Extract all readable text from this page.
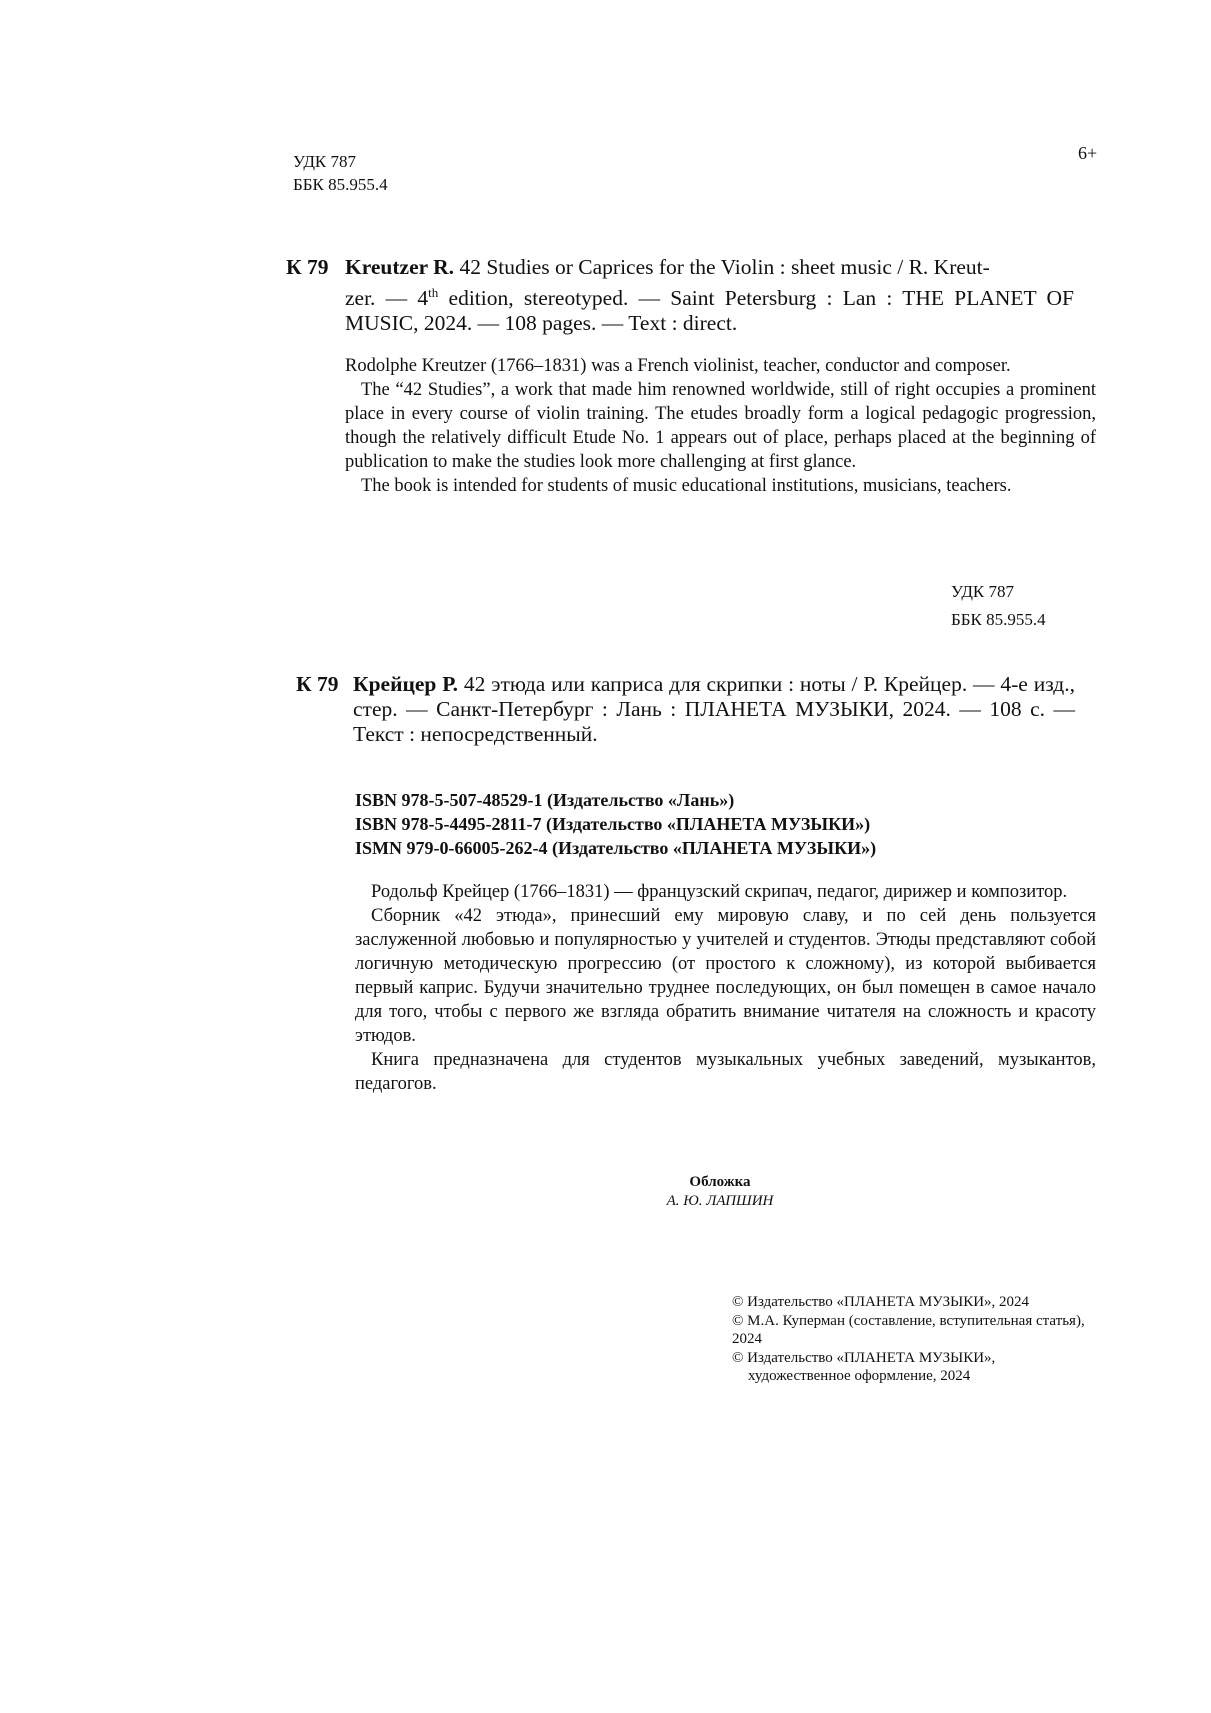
УДК 787
ББК 85.955.4
6+
К 79 Kreutzer R. 42 Studies or Caprices for the Violin : sheet music / R. Kreut-
zer. — 4th edition, stereotyped. — Saint Petersburg : Lan : THE PLANET OF MUSIC, 2024. — 108 pages. — Text : direct.

Rodolphe Kreutzer (1766–1831) was a French violinist, teacher, conductor and composer.

The “42 Studies”, a work that made him renowned worldwide, still of right occupies a prominent place in every course of violin training. The etudes broadly form a logical pedagogic progression, though the relatively difficult Etude No. 1 appears out of place, perhaps placed at the beginning of publication to make the studies look more challenging at first glance.

The book is intended for students of music educational institutions, musicians, teachers.

УДК 787
ББК 85.955.4
К 79 Крейцер Р. 42 этюда или каприса для скрипки : ноты / Р. Крейцер. — 4-е изд., стер. — Санкт-Петербург : Лань : ПЛАНЕТА МУЗЫКИ, 2024. — 108 с. — Текст : непосредственный.
ISBN 978-5-507-48529-1 (Издательство «Лань»)
ISBN 978-5-4495-2811-7 (Издательство «ПЛАНЕТА МУЗЫКИ»)
ISMN 979-0-66005-262-4 (Издательство «ПЛАНЕТА МУЗЫКИ»)

Родольф Крейцер (1766–1831) — французский скрипач, педагог, дирижер и композитор.

Сборник «42 этюда», принесший ему мировую славу, и по сей день пользуется заслуженной любовью и популярностью у учителей и студентов. Этюды представляют собой логичную методическую прогрессию (от простого к сложному), из которой выбивается первый каприс. Будучи значительно труднее последующих, он был помещен в самое начало для того, чтобы с первого же взгляда обратить внимание читателя на сложность и красоту этюдов.

Книга предназначена для студентов музыкальных учебных заведений, музыкантов, педагогов.

Обложка
А. Ю. ЛАПШИН
© Издательство «ПЛАНЕТА МУЗЫКИ», 2024
© М.А. Куперман (составление, вступительная статья), 2024
© Издательство «ПЛАНЕТА МУЗЫКИ», художественное оформление, 2024
